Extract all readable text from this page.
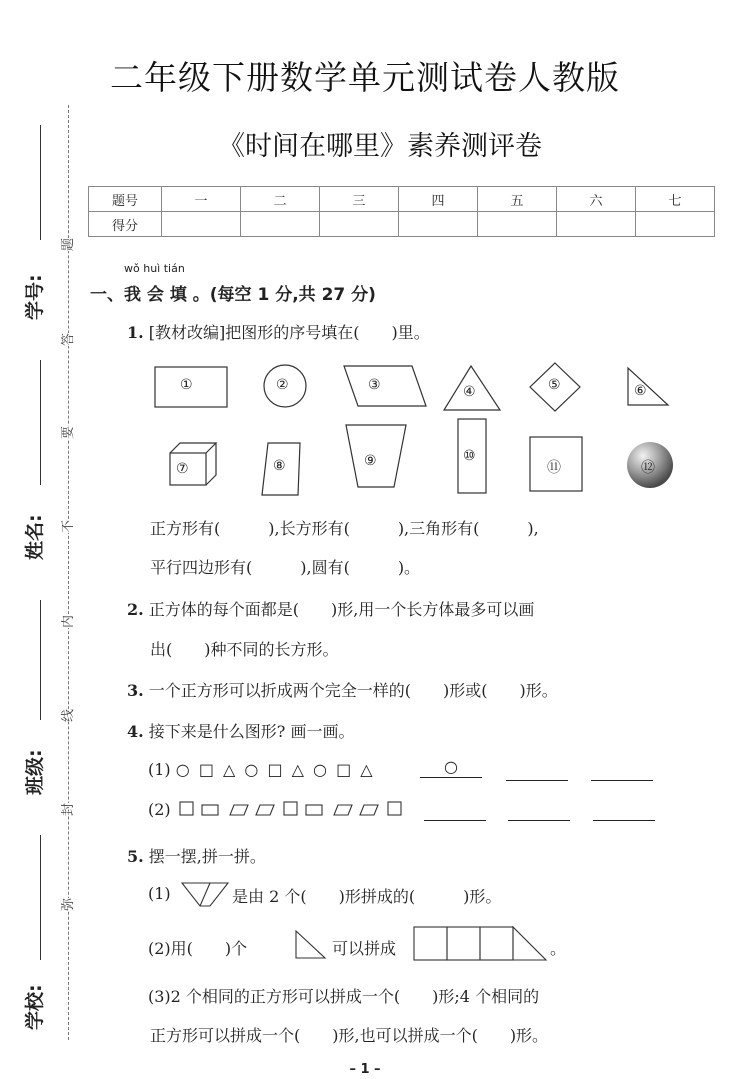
二年级下册数学单元测试卷人教版
《时间在哪里》素养测评卷
题号	一	二	三	四	五	六	七
得分							
学号:
姓名:
班级:
学校:
题
答
要
不
内
线
封
弥
wǒ huì tián
一、我 会 填 。(每空 1 分,共 27 分)
1. [教材改编]把图形的序号填在(　　)里。
①	②	③	④	⑤	⑥
⑦	⑧	⑨	⑩
⑪	⑫
正方形有(　　　),长方形有(　　　),三角形有(　　　),
平行四边形有(　　　),圆有(　　　)。
2. 正方体的每个面都是(　　)形,用一个长方体最多可以画
出(　　)种不同的长方形。
3. 一个正方形可以折成两个完全一样的(　　)形或(　　)形。
4. 接下来是什么图形? 画一画。
(1) ○ □ △ ○ □ △ ○ □ △	○
(2)
5. 摆一摆,拼一拼。
(1)	是由 2 个(　　)形拼成的(　　　)形。
(2)用(　　)个	可以拼成	。
(3)2 个相同的正方形可以拼成一个(　　)形;4 个相同的
正方形可以拼成一个(　　)形,也可以拼成一个(　　)形。
– 1 –
